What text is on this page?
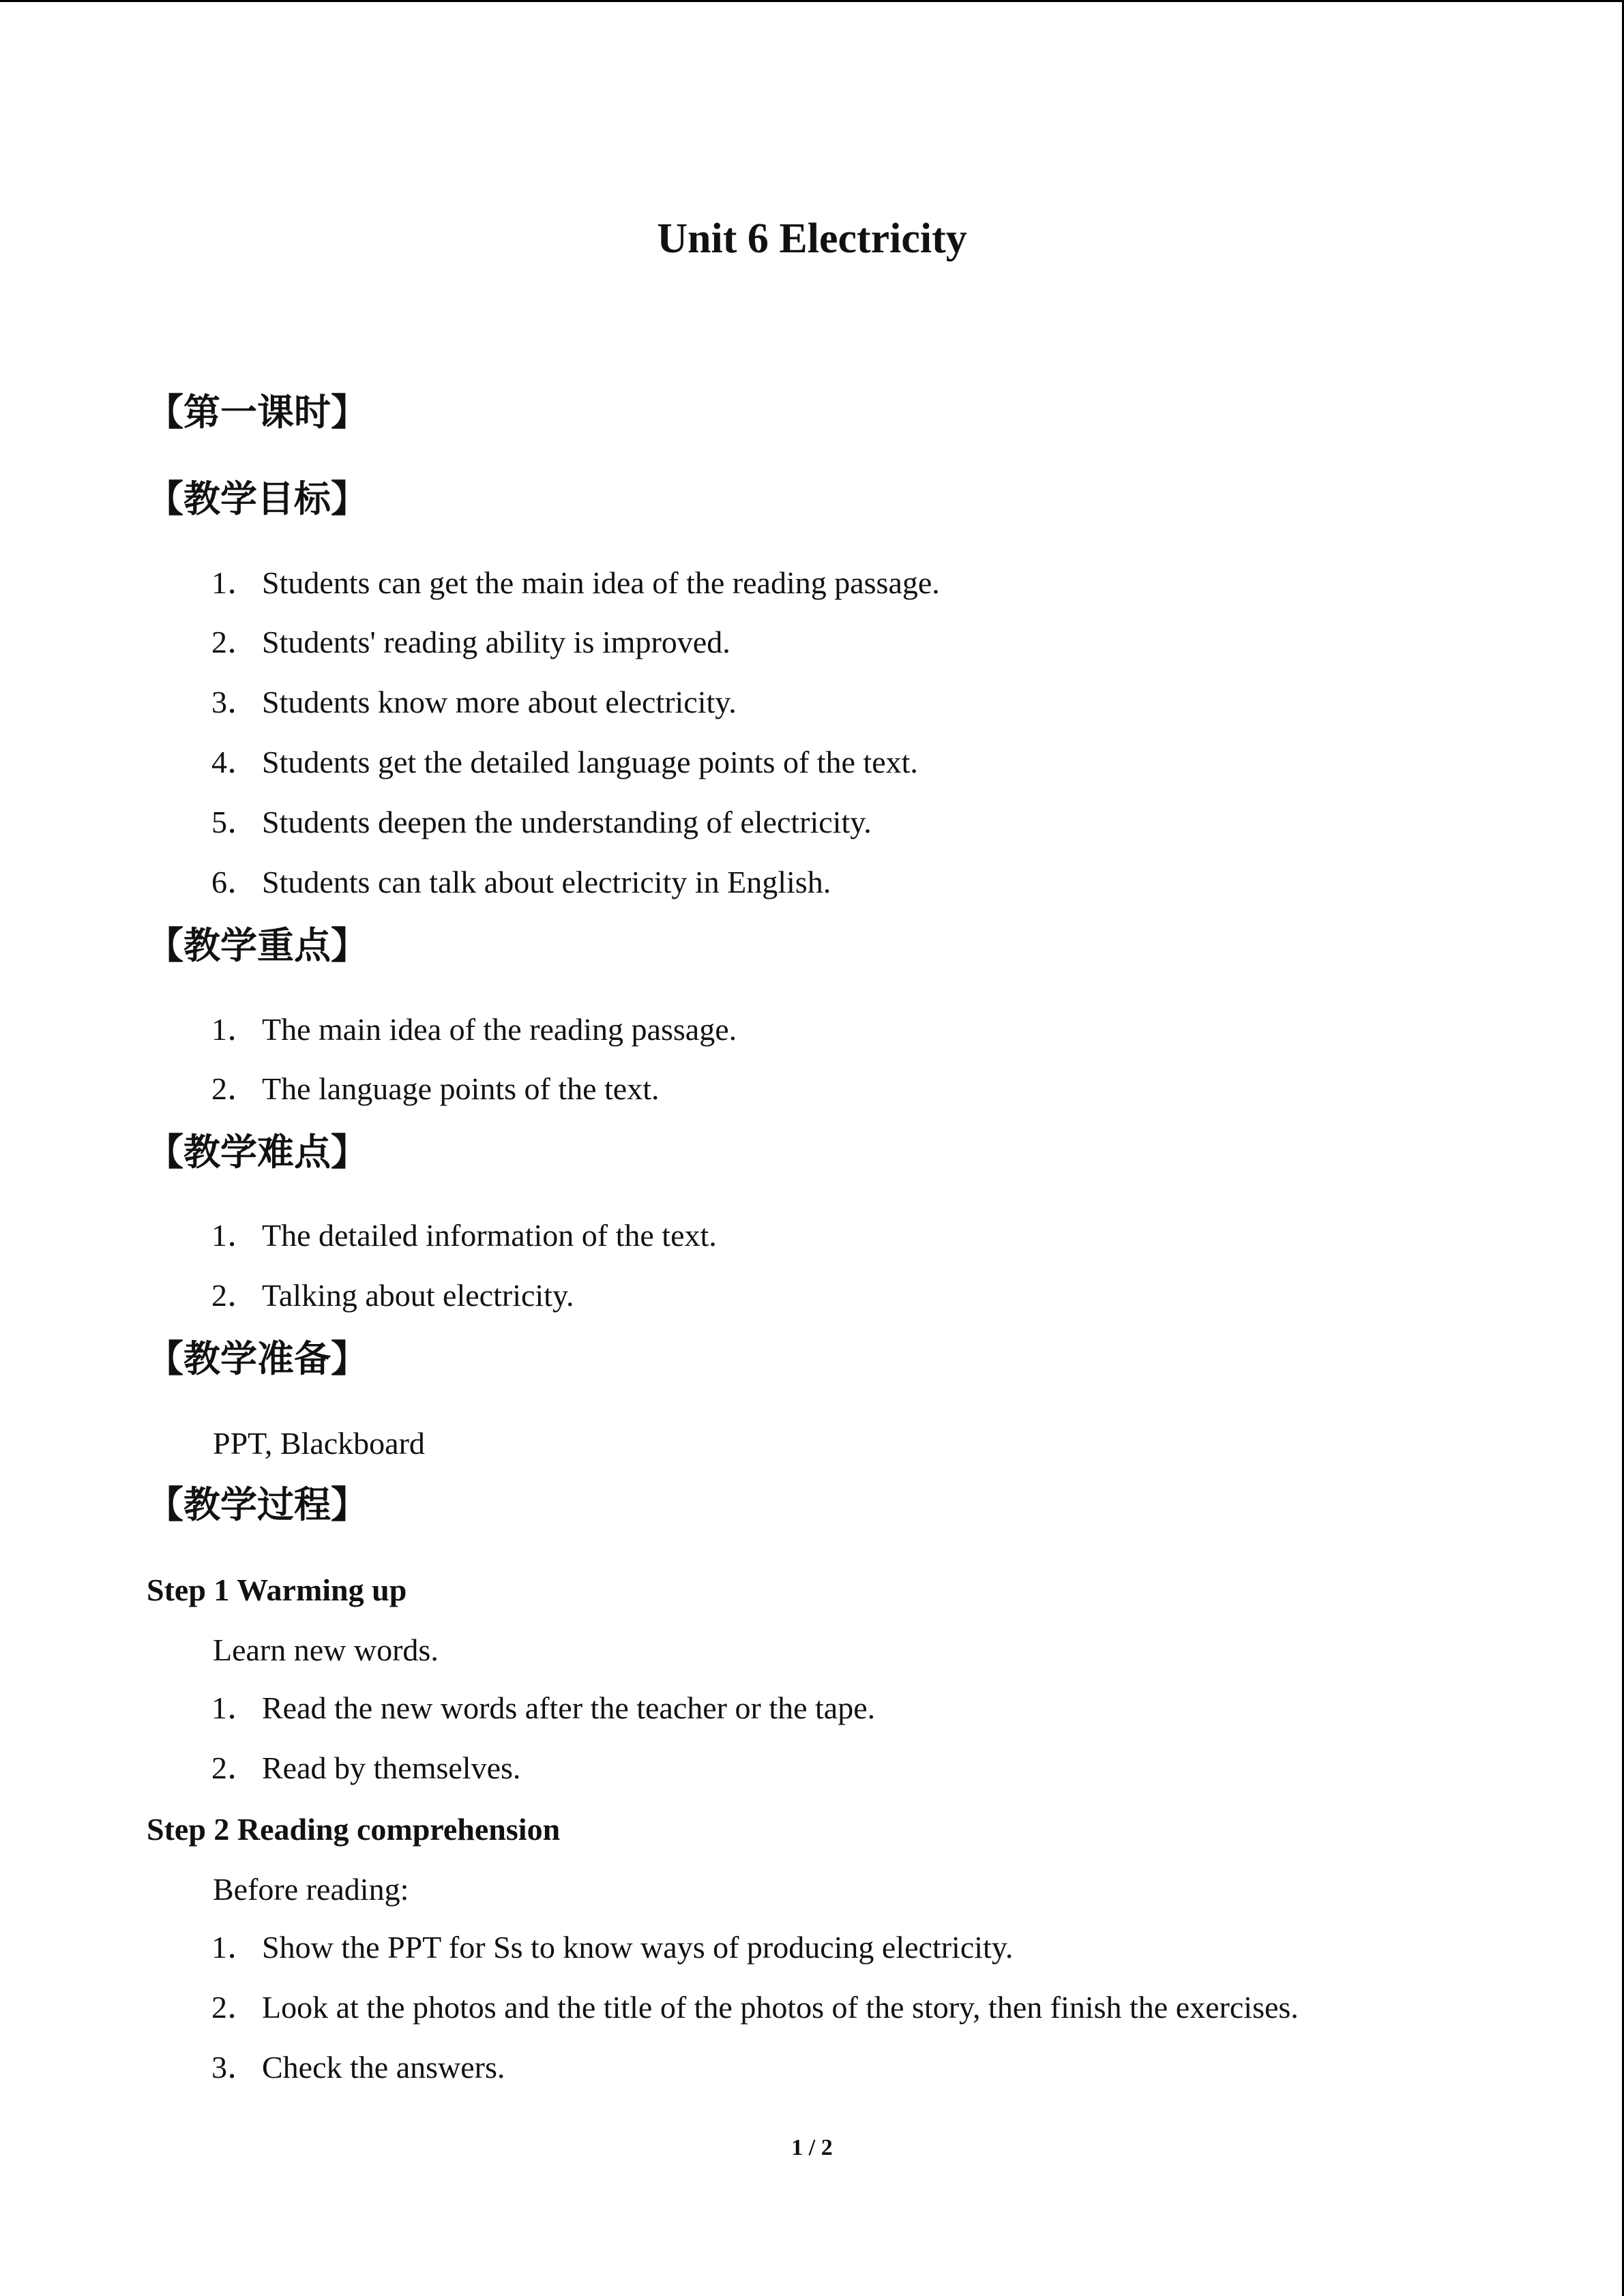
Unit 6 Electricity
【第一课时】
【教学目标】
1． Students can get the main idea of the reading passage.
2． Students' reading ability is improved.
3． Students know more about electricity.
4． Students get the detailed language points of the text.
5． Students deepen the understanding of electricity.
6． Students can talk about electricity in English.
【教学重点】
1． The main idea of the reading passage.
2． The language points of the text.
【教学难点】
1． The detailed information of the text.
2． Talking about electricity.
【教学准备】
PPT, Blackboard
【教学过程】
Step 1 Warming up
Learn new words.
1． Read the new words after the teacher or the tape.
2． Read by themselves.
Step 2 Reading comprehension
Before reading:
1． Show the PPT for Ss to know ways of producing electricity.
2． Look at the photos and the title of the photos of the story, then finish the exercises.
3． Check the answers.
1 / 2
